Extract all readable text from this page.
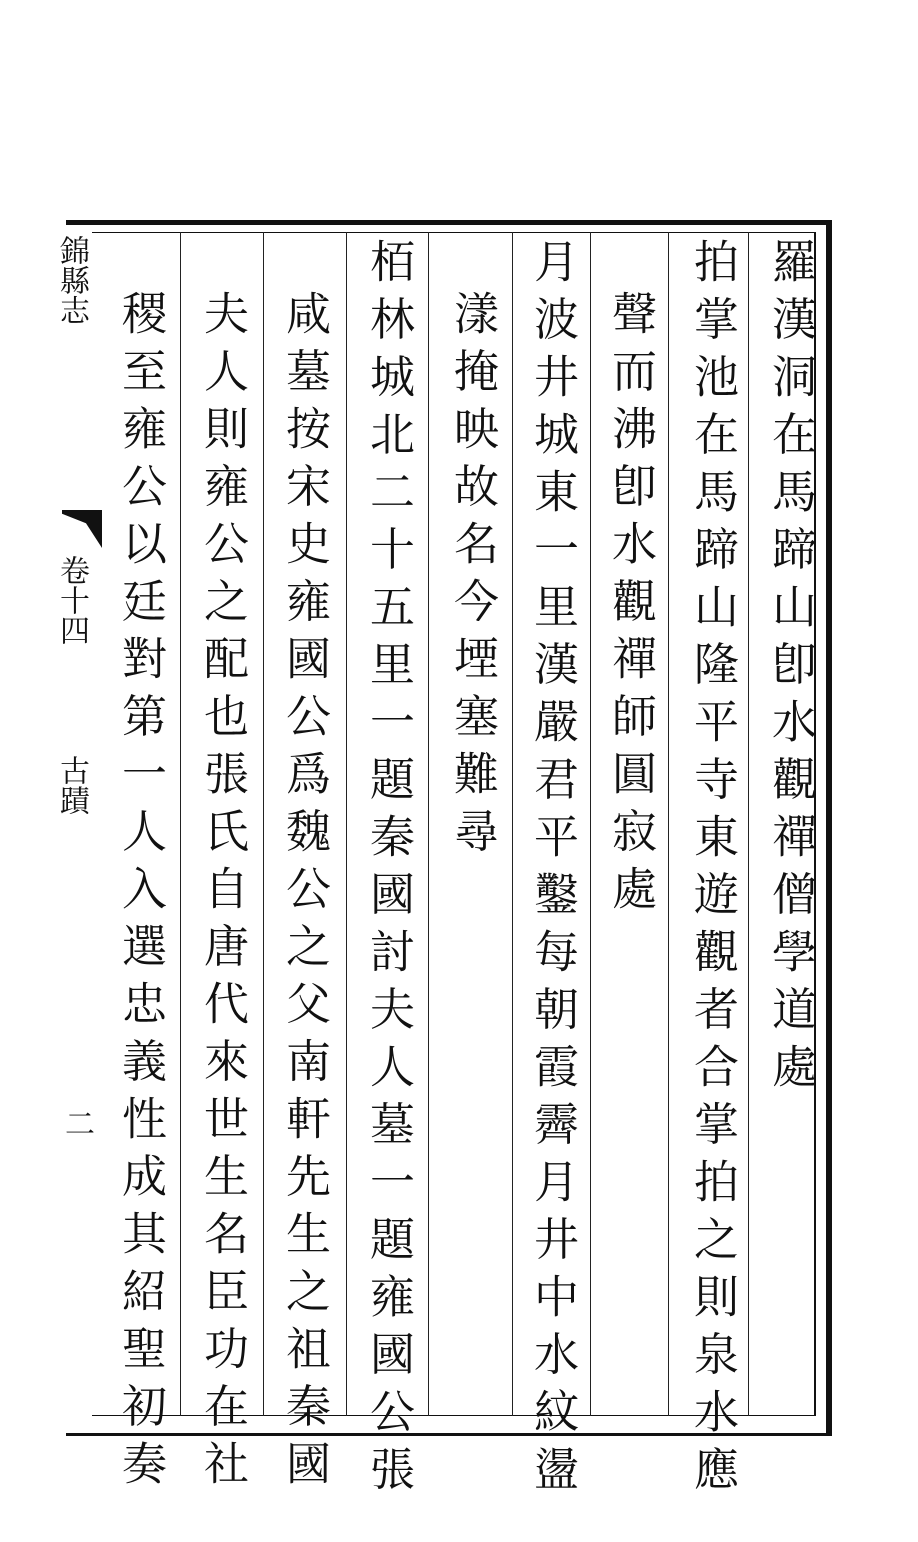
錦縣志
卷十四
古蹟
二
羅漢洞在馬蹄山卽水觀禪僧學道處
拍掌池在馬蹄山隆平寺東遊觀者合掌拍之則泉水應
聲而沸卽水觀禪師圓寂處
月波井城東一里漢嚴君平鑿每朝霞霽月井中水紋盪
漾掩映故名今堙塞難尋
栢林城北二十五里一題秦國討夫人墓一題雍國公張
咸墓按宋史雍國公爲魏公之父南軒先生之祖秦國
夫人則雍公之配也張氏自唐代來世生名臣功在社
稷至雍公以廷對第一人入選忠義性成其紹聖初奏
